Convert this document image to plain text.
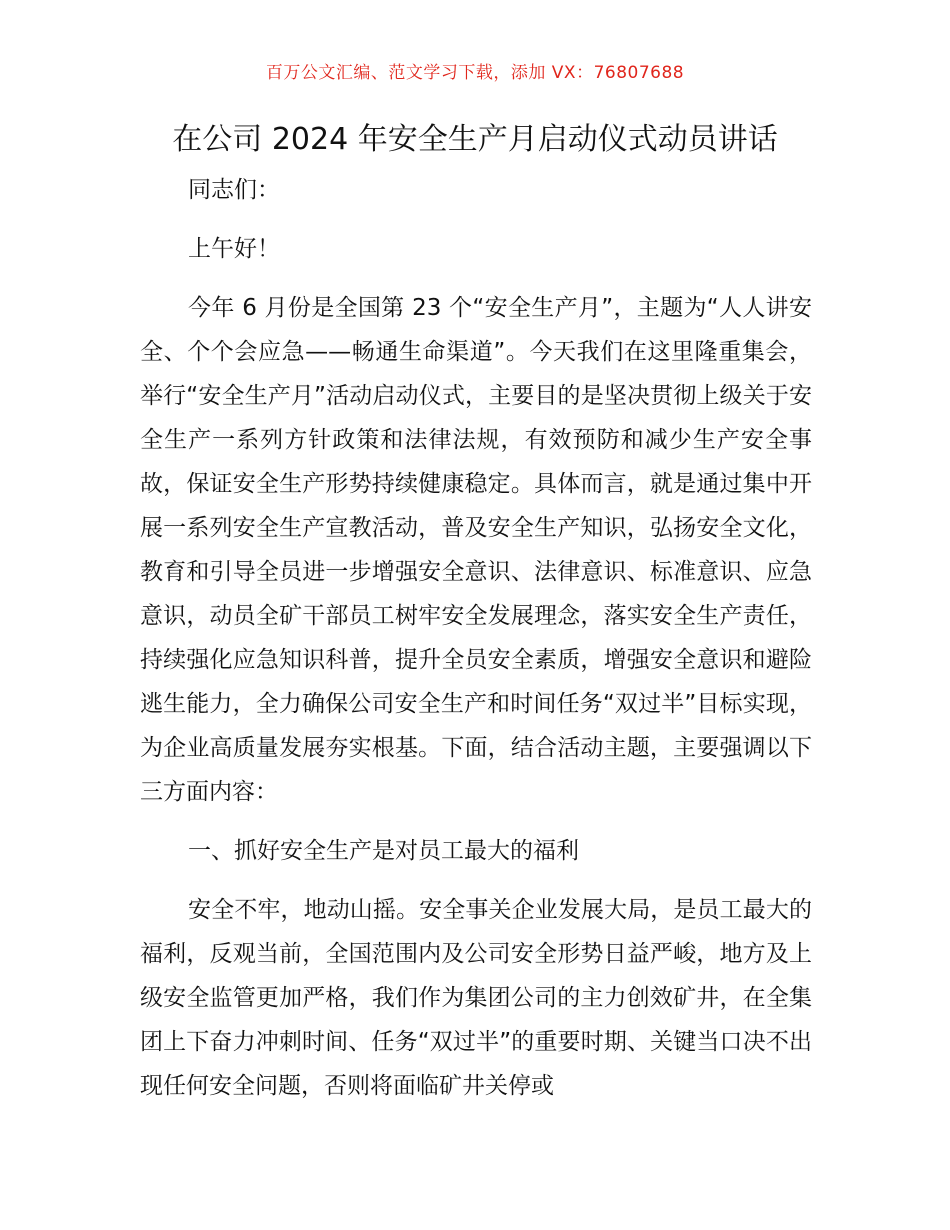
百万公文汇编、范文学习下载，添加 VX：76807688
在公司 2024 年安全生产月启动仪式动员讲话

同志们：

上午好！

今年 6 月份是全国第 23 个“安全生产月”，主题为“人人讲安全、个个会应急——畅通生命渠道”。今天我们在这里隆重集会，举行“安全生产月”活动启动仪式，主要目的是坚决贯彻上级关于安全生产一系列方针政策和法律法规，有效预防和减少生产安全事故，保证安全生产形势持续健康稳定。具体而言，就是通过集中开展一系列安全生产宣教活动，普及安全生产知识，弘扬安全文化，教育和引导全员进一步增强安全意识、法律意识、标准意识、应急意识，动员全矿干部员工树牢安全发展理念，落实安全生产责任，持续强化应急知识科普，提升全员安全素质，增强安全意识和避险逃生能力，全力确保公司安全生产和时间任务“双过半”目标实现，为企业高质量发展夯实根基。下面，结合活动主题，主要强调以下三方面内容：

一、抓好安全生产是对员工最大的福利

安全不牢，地动山摇。安全事关企业发展大局，是员工最大的福利，反观当前，全国范围内及公司安全形势日益严峻，地方及上级安全监管更加严格，我们作为集团公司的主力创效矿井，在全集团上下奋力冲刺时间、任务“双过半”的重要时期、关键当口决不出现任何安全问题，否则将面临矿井关停或
